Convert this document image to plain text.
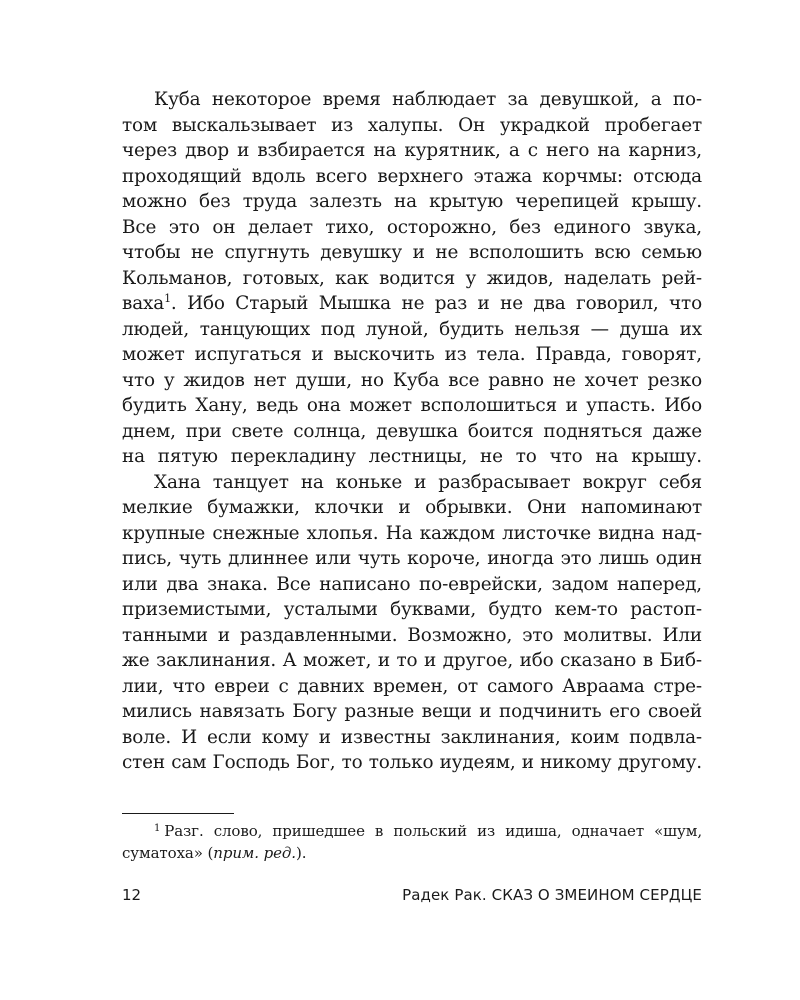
Куба некоторое время наблюдает за девушкой, а по-
том выскальзывает из халупы. Он украдкой пробегает
через двор и взбирается на курятник, а с него на карниз,
проходящий вдоль всего верхнего этажа корчмы: отсюда
можно без труда залезть на крытую черепицей крышу.
Все это он делает тихо, осторожно, без единого звука,
чтобы не спугнуть девушку и не всполошить всю семью
Кольманов, готовых, как водится у жидов, наделать рей-
ваха$^1$. Ибо Старый Мышка не раз и не два говорил, что
людей, танцующих под луной, будить нельзя — душа их
может испугаться и выскочить из тела. Правда, говорят,
что у жидов нет души, но Куба все равно не хочет резко
будить Хану, ведь она может всполошиться и упасть. Ибо
днем, при свете солнца, девушка боится подняться даже
на пятую перекладину лестницы, не то что на крышу.
Хана танцует на коньке и разбрасывает вокруг себя
мелкие бумажки, клочки и обрывки. Они напоминают
крупные снежные хлопья. На каждом листочке видна над-
пись, чуть длиннее или чуть короче, иногда это лишь один
или два знака. Все написано по-еврейски, задом наперед,
приземистыми, усталыми буквами, будто кем-то растоп-
танными и раздавленными. Возможно, это молитвы. Или
же заклинания. А может, и то и другое, ибо сказано в Биб-
лии, что евреи с давних времен, от самого Авраама стре-
мились навязать Богу разные вещи и подчинить его своей
воле. И если кому и известны заклинания, коим подвла-
стен сам Господь Бог, то только иудеям, и никому другому.
$^1$ Разг. слово, пришедшее в польский из идиша, одначает «шум,
суматоха» (прим. ред.).
12	Радек Рак. СКАЗ О ЗМЕИНОМ СЕРДЦЕ
